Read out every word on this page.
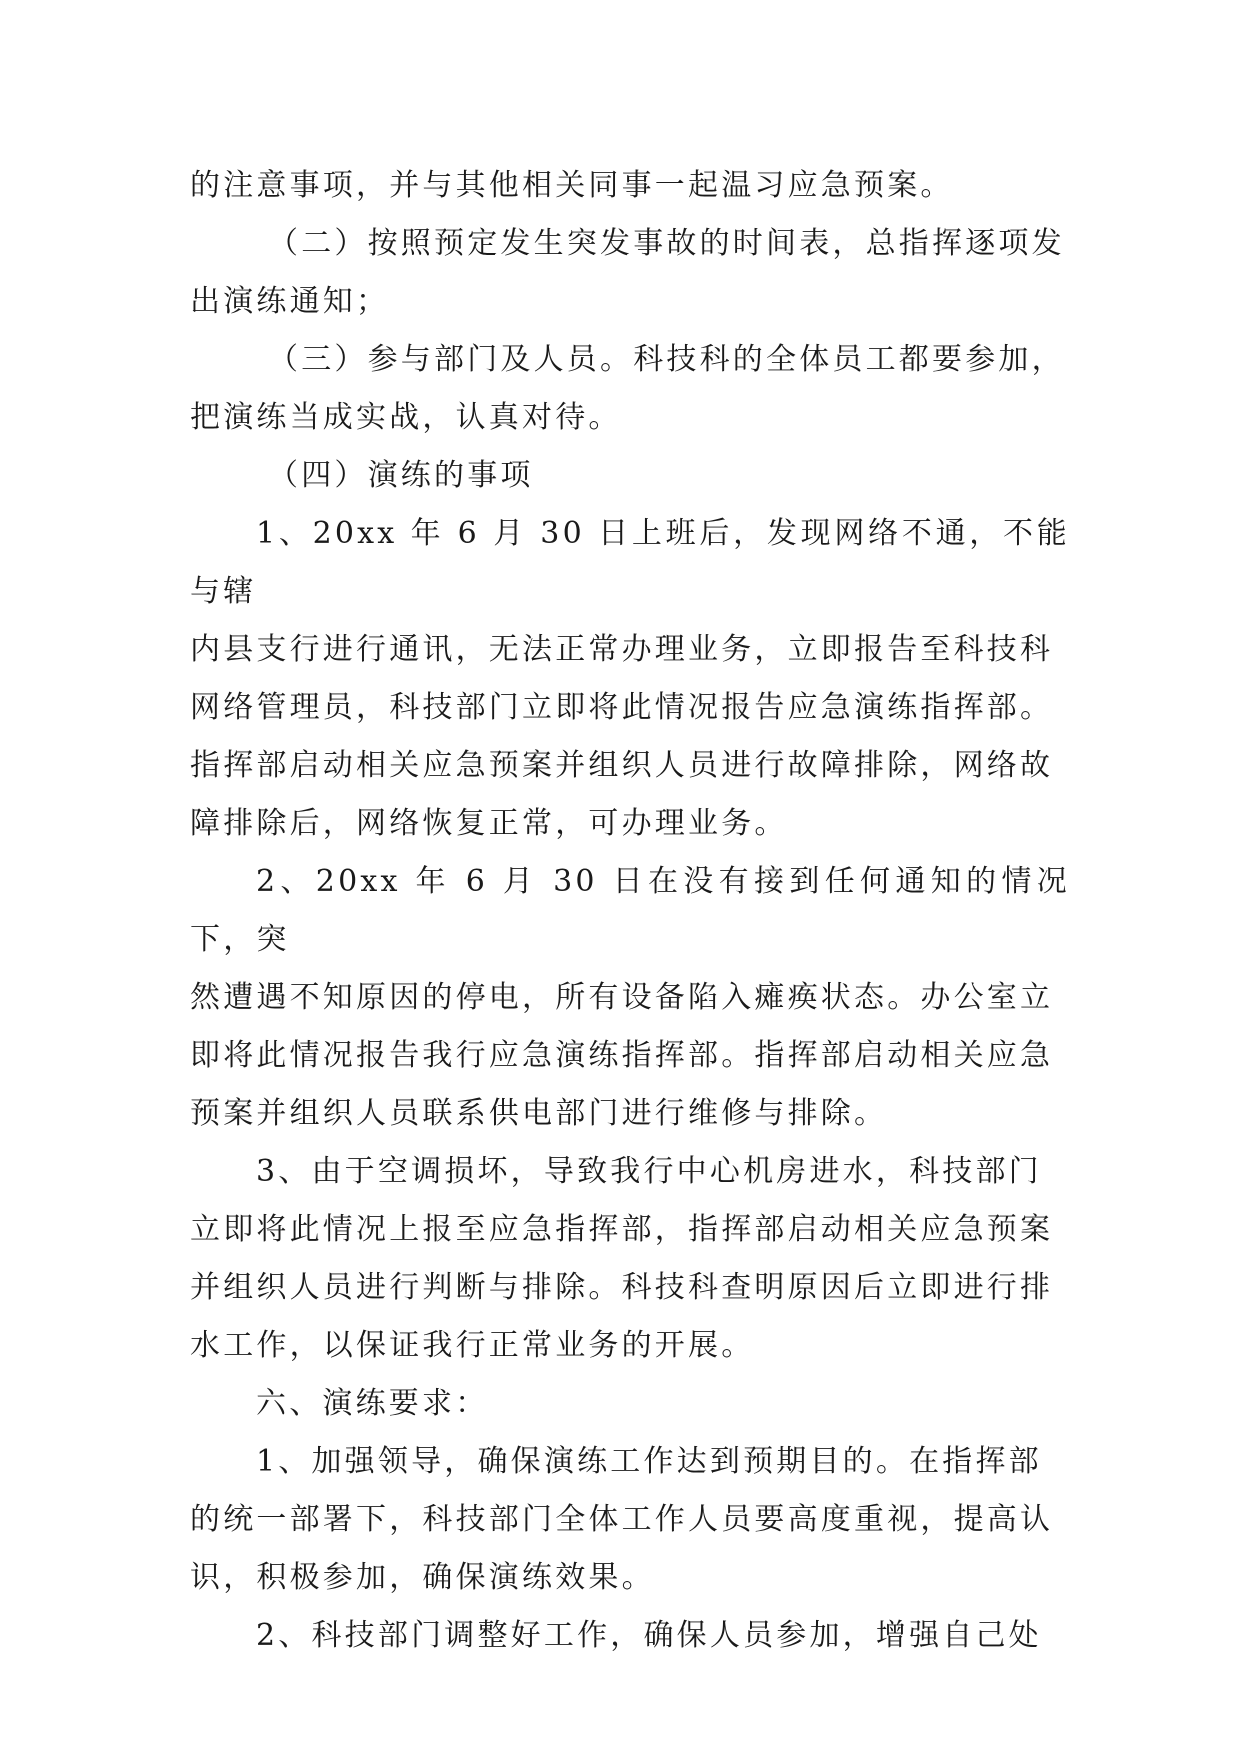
的注意事项，并与其他相关同事一起温习应急预案。
（二）按照预定发生突发事故的时间表，总指挥逐项发
出演练通知；
（三）参与部门及人员。科技科的全体员工都要参加，
把演练当成实战，认真对待。
（四）演练的事项
1、20xx 年 6 月 30 日上班后，发现网络不通，不能与辖
内县支行进行通讯，无法正常办理业务，立即报告至科技科
网络管理员，科技部门立即将此情况报告应急演练指挥部。
指挥部启动相关应急预案并组织人员进行故障排除，网络故
障排除后，网络恢复正常，可办理业务。
2、20xx 年 6 月 30 日在没有接到任何通知的情况下，突
然遭遇不知原因的停电，所有设备陷入瘫痪状态。办公室立
即将此情况报告我行应急演练指挥部。指挥部启动相关应急
预案并组织人员联系供电部门进行维修与排除。
3、由于空调损坏，导致我行中心机房进水，科技部门
立即将此情况上报至应急指挥部，指挥部启动相关应急预案
并组织人员进行判断与排除。科技科查明原因后立即进行排
水工作，以保证我行正常业务的开展。
六、演练要求：
1、加强领导，确保演练工作达到预期目的。在指挥部
的统一部署下，科技部门全体工作人员要高度重视，提高认
识，积极参加，确保演练效果。
2、科技部门调整好工作，确保人员参加，增强自己处
